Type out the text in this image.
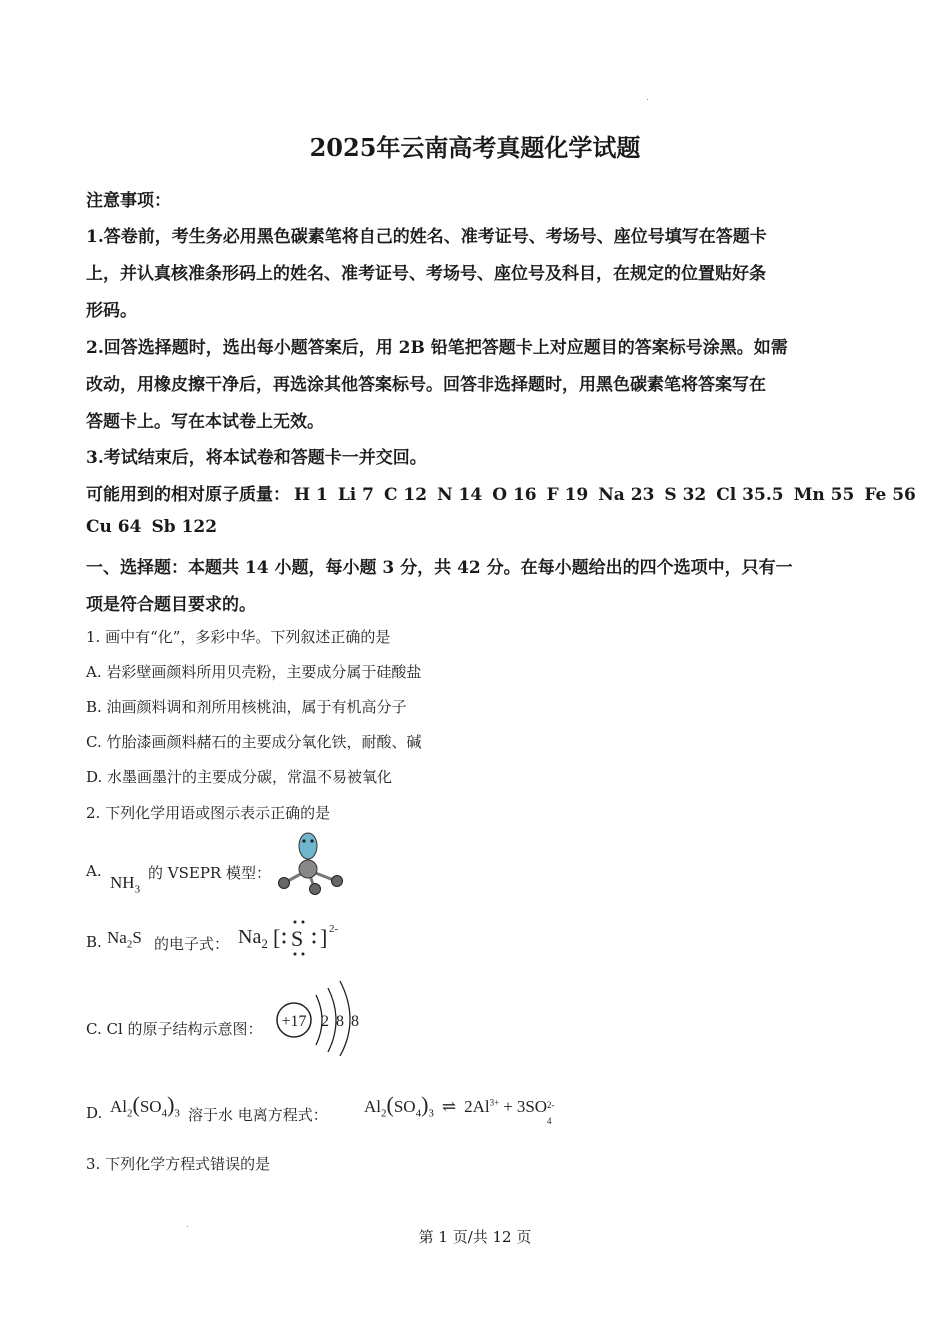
2025年云南高考真题化学试题
注意事项：
1.答卷前，考生务必用黑色碳素笔将自己的姓名、准考证号、考场号、座位号填写在答题卡
上，并认真核准条形码上的姓名、准考证号、考场号、座位号及科目，在规定的位置贴好条
形码。
2.回答选择题时，选出每小题答案后，用 2B 铅笔把答题卡上对应题目的答案标号涂黑。如需
改动，用橡皮擦干净后，再选涂其他答案标号。回答非选择题时，用黑色碳素笔将答案写在
答题卡上。写在本试卷上无效。
3.考试结束后，将本试卷和答题卡一并交回。
可能用到的相对原子质量： H 1 Li 7 C 12 N 14 O 16 F 19 Na 23 S 32 Cl 35.5 Mn 55 Fe 56
Cu 64 Sb 122
一、选择题：本题共 14 小题，每小题 3 分，共 42 分。在每小题给出的四个选项中，只有一
项是符合题目要求的。
1. 画中有“化”，多彩中华。下列叙述正确的是
A. 岩彩壁画颜料所用贝壳粉，主要成分属于硅酸盐
B. 油画颜料调和剂所用核桃油，属于有机高分子
C. 竹胎漆画颜料赭石的主要成分氧化铁，耐酸、碱
D. 水墨画墨汁的主要成分碳，常温不易被氧化
2. 下列化学用语或图示表示正确的是
A.
$NH_3$
的 VSEPR 模型：
B. $Na_2S$ 的电子式： $Na_2$ [ ]
S 2-
C. Cl 的原子结构示意图： +17 2 8 8
D. $Al_2(SO_4)_3$ 溶于水 电离方程式： $Al_2(SO_4)_3$ ⇌ $2Al^{3+} + 3SO$ 2-
4
3. 下列化学方程式错误的是
第 1 页/共 12 页
